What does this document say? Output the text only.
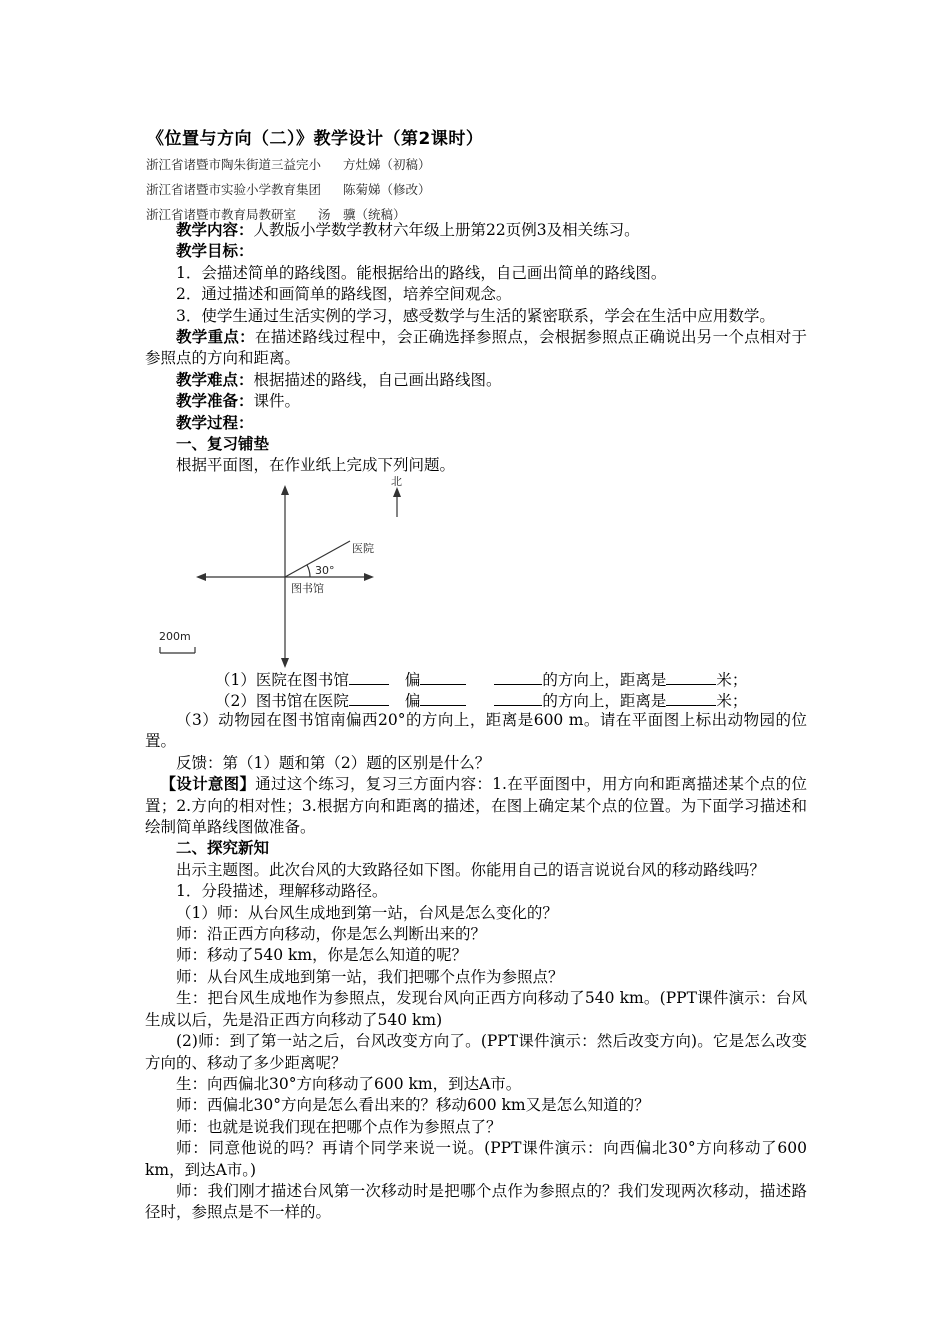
《位置与方向（二）》教学设计（第2课时）
浙江省诸暨市陶朱街道三益完小 方灶娣（初稿）
浙江省诸暨市实验小学教育集团 陈菊娣（修改）
浙江省诸暨市教育局教研室 汤　骥（统稿）

教学内容：人教版小学数学教材六年级上册第22页例3及相关练习。

教学目标：

1．会描述简单的路线图。能根据给出的路线，自己画出简单的路线图。

2．通过描述和画简单的路线图，培养空间观念。

3．使学生通过生活实例的学习，感受数学与生活的紧密联系，学会在生活中应用数学。

教学重点：在描述路线过程中，会正确选择参照点，会根据参照点正确说出另一个点相对于参照点的方向和距离。

教学难点：根据描述的路线，自己画出路线图。

教学准备：课件。

教学过程：

一、复习铺垫

根据平面图，在作业纸上完成下列问题。

北
医院
30°
图书馆
200m
（1）医院在图书馆	偏	的方向上，距离是	米；
（2）图书馆在医院	偏	的方向上，距离是	米；

（3）动物园在图书馆南偏西20°的方向上，距离是600 m。请在平面图上标出动物园的位置。

反馈：第（1）题和第（2）题的区别是什么？

【设计意图】通过这个练习，复习三方面内容：1.在平面图中，用方向和距离描述某个点的位置；2.方向的相对性；3.根据方向和距离的描述，在图上确定某个点的位置。为下面学习描述和绘制简单路线图做准备。

二、探究新知

出示主题图。此次台风的大致路径如下图。你能用自己的语言说说台风的移动路线吗？

1．分段描述，理解移动路径。

（1）师：从台风生成地到第一站，台风是怎么变化的？

师：沿正西方向移动，你是怎么判断出来的？

师：移动了540 km，你是怎么知道的呢？

师：从台风生成地到第一站，我们把哪个点作为参照点？

生：把台风生成地作为参照点，发现台风向正西方向移动了540 km。(PPT课件演示：台风生成以后，先是沿正西方向移动了540 km)

(2)师：到了第一站之后，台风改变方向了。(PPT课件演示：然后改变方向)。它是怎么改变方向的、移动了多少距离呢？

生：向西偏北30°方向移动了600 km，到达A市。

师：西偏北30°方向是怎么看出来的？移动600 km又是怎么知道的？

师：也就是说我们现在把哪个点作为参照点了？

师：同意他说的吗？再请个同学来说一说。(PPT课件演示：向西偏北30°方向移动了600 km，到达A市。)

师：我们刚才描述台风第一次移动时是把哪个点作为参照点的？我们发现两次移动，描述路径时，参照点是不一样的。
